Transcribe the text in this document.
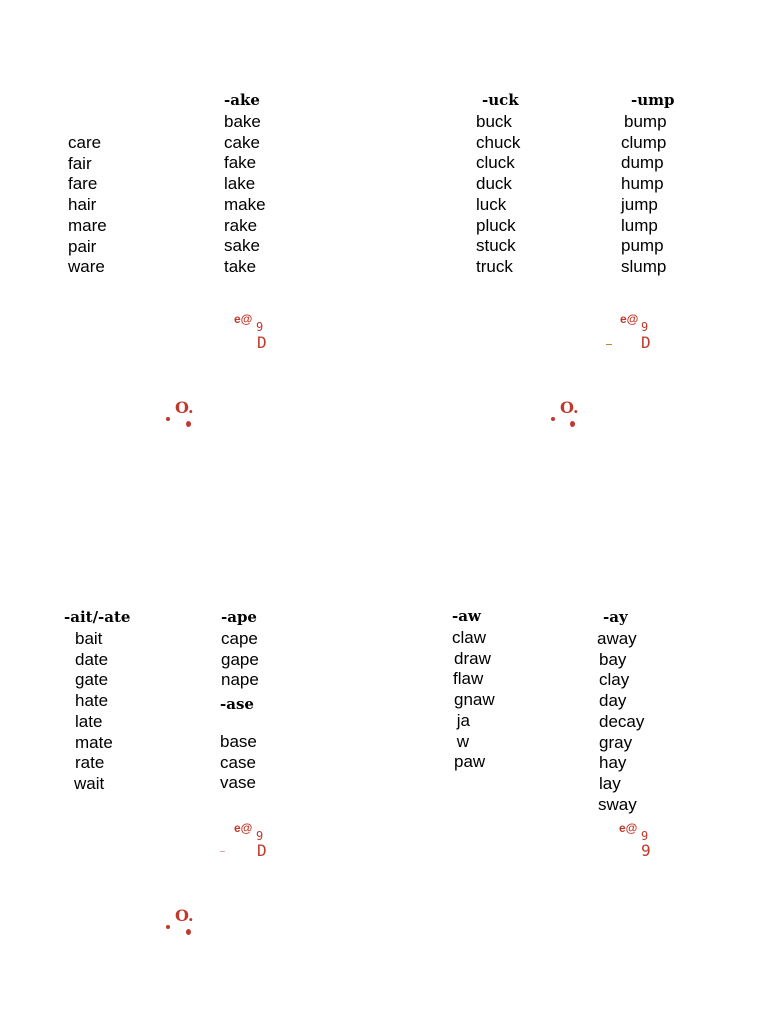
care
fair
fare
hair
mare
pair
ware
-ake
bake
cake
fake
lake
make
rake
sake
take
-uck
buck
chuck
cluck
duck
luck
pluck
stuck
truck
-ump
bump
clump
dump
hump
jump
lump
pump
slump
e@
9
D
e@
9
D
O.	O.
-ait/-ate
bait
date
gate
hate
late
mate
rate
wait
-ape
cape
gape
nape
-ase
base
case
vase
-aw
claw
draw
flaw
gnaw
ja
w
paw
-ay
away
bay
clay
day
decay
gray
hay
lay
sway
e@
9
D
e@
9
9
O.
